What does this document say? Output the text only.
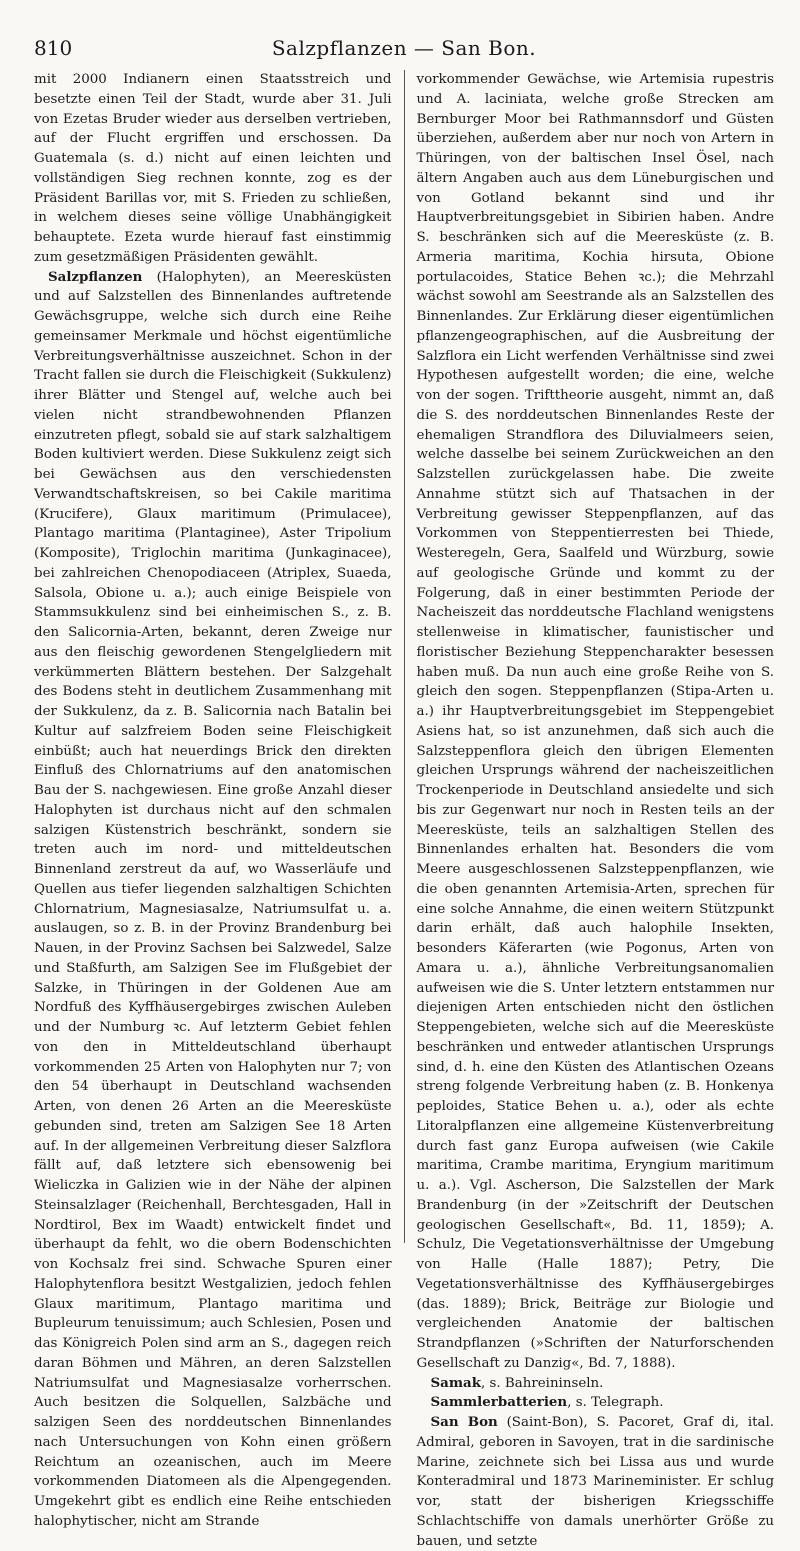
810	Salzpflanzen — San Bon.

mit 2000 Indianern einen Staatsstreich und besetzte einen Teil der Stadt, wurde aber 31. Juli von Ezetas Bruder wieder aus derselben vertrieben, auf der Flucht ergriffen und erschossen. Da Guatemala (s. d.) nicht auf einen leichten und vollständigen Sieg rechnen konnte, zog es der Präsident Barillas vor, mit S. Frieden zu schließen, in welchem dieses seine völlige Unabhängigkeit behauptete. Ezeta wurde hierauf fast einstimmig zum gesetzmäßigen Präsidenten gewählt.

Salzpflanzen (Halophyten), an Meeresküsten und auf Salzstellen des Binnenlandes auftretende Gewächsgruppe, welche sich durch eine Reihe gemeinsamer Merkmale und höchst eigentümliche Verbreitungsverhältnisse auszeichnet. Schon in der Tracht fallen sie durch die Fleischigkeit (Sukkulenz) ihrer Blätter und Stengel auf, welche auch bei vielen nicht strandbewohnenden Pflanzen einzutreten pflegt, sobald sie auf stark salzhaltigem Boden kultiviert werden. Diese Sukkulenz zeigt sich bei Gewächsen aus den verschiedensten Verwandtschaftskreisen, so bei Cakile maritima (Krucifere), Glaux maritimum (Primulacee), Plantago maritima (Plantaginee), Aster Tripolium (Komposite), Triglochin maritima (Junkaginacee), bei zahlreichen Chenopodiaceen (Atriplex, Suaeda, Salsola, Obione u. a.); auch einige Beispiele von Stammsukkulenz sind bei einheimischen S., z. B. den Salicornia-Arten, bekannt, deren Zweige nur aus den fleischig gewordenen Stengelgliedern mit verkümmerten Blättern bestehen. Der Salzgehalt des Bodens steht in deutlichem Zusammenhang mit der Sukkulenz, da z. B. Salicornia nach Batalin bei Kultur auf salzfreiem Boden seine Fleischigkeit einbüßt; auch hat neuerdings Brick den direkten Einfluß des Chlornatriums auf den anatomischen Bau der S. nachgewiesen. Eine große Anzahl dieser Halophyten ist durchaus nicht auf den schmalen salzigen Küstenstrich beschränkt, sondern sie treten auch im nord- und mitteldeutschen Binnenland zerstreut da auf, wo Wasserläufe und Quellen aus tiefer liegenden salzhaltigen Schichten Chlornatrium, Magnesiasalze, Natriumsulfat u. a. auslaugen, so z. B. in der Provinz Brandenburg bei Nauen, in der Provinz Sachsen bei Salzwedel, Salze und Staßfurth, am Salzigen See im Flußgebiet der Salzke, in Thüringen in der Goldenen Aue am Nordfuß des Kyffhäusergebirges zwischen Auleben und der Numburg ꝛc. Auf letzterm Gebiet fehlen von den in Mitteldeutschland überhaupt vorkommenden 25 Arten von Halophyten nur 7; von den 54 überhaupt in Deutschland wachsenden Arten, von denen 26 Arten an die Meeresküste gebunden sind, treten am Salzigen See 18 Arten auf. In der allgemeinen Verbreitung dieser Salzflora fällt auf, daß letztere sich ebensowenig bei Wieliczka in Galizien wie in der Nähe der alpinen Steinsalzlager (Reichenhall, Berchtesgaden, Hall in Nordtirol, Bex im Waadt) entwickelt findet und überhaupt da fehlt, wo die obern Bodenschichten von Kochsalz frei sind. Schwache Spuren einer Halophytenflora besitzt Westgalizien, jedoch fehlen Glaux maritimum, Plantago maritima und Bupleurum tenuissimum; auch Schlesien, Posen und das Königreich Polen sind arm an S., dagegen reich daran Böhmen und Mähren, an deren Salzstellen Natriumsulfat und Magnesiasalze vorherrschen. Auch besitzen die Solquellen, Salzbäche und salzigen Seen des norddeutschen Binnenlandes nach Untersuchungen von Kohn einen größern Reichtum an ozeanischen, auch im Meere vorkommenden Diatomeen als die Alpengegenden. Umgekehrt gibt es endlich eine Reihe entschieden halophytischer, nicht am Strande

vorkommender Gewächse, wie Artemisia rupestris und A. laciniata, welche große Strecken am Bernburger Moor bei Rathmannsdorf und Güsten überziehen, außerdem aber nur noch von Artern in Thüringen, von der baltischen Insel Ösel, nach ältern Angaben auch aus dem Lüneburgischen und von Gotland bekannt sind und ihr Hauptverbreitungsgebiet in Sibirien haben. Andre S. beschränken sich auf die Meeresküste (z. B. Armeria maritima, Kochia hirsuta, Obione portulacoides, Statice Behen ꝛc.); die Mehrzahl wächst sowohl am Seestrande als an Salzstellen des Binnenlandes. Zur Erklärung dieser eigentümlichen pflanzengeographischen, auf die Ausbreitung der Salzflora ein Licht werfenden Verhältnisse sind zwei Hypothesen aufgestellt worden; die eine, welche von der sogen. Trifttheorie ausgeht, nimmt an, daß die S. des norddeutschen Binnenlandes Reste der ehemaligen Strandflora des Diluvialmeers seien, welche dasselbe bei seinem Zurückweichen an den Salzstellen zurückgelassen habe. Die zweite Annahme stützt sich auf Thatsachen in der Verbreitung gewisser Steppenpflanzen, auf das Vorkommen von Steppentierresten bei Thiede, Westeregeln, Gera, Saalfeld und Würzburg, sowie auf geologische Gründe und kommt zu der Folgerung, daß in einer bestimmten Periode der Nacheiszeit das norddeutsche Flachland wenigstens stellenweise in klimatischer, faunistischer und floristischer Beziehung Steppencharakter besessen haben muß. Da nun auch eine große Reihe von S. gleich den sogen. Steppenpflanzen (Stipa-Arten u. a.) ihr Hauptverbreitungsgebiet im Steppengebiet Asiens hat, so ist anzunehmen, daß sich auch die Salzsteppenflora gleich den übrigen Elementen gleichen Ursprungs während der nacheiszeitlichen Trockenperiode in Deutschland ansiedelte und sich bis zur Gegenwart nur noch in Resten teils an der Meeresküste, teils an salzhaltigen Stellen des Binnenlandes erhalten hat. Besonders die vom Meere ausgeschlossenen Salzsteppenpflanzen, wie die oben genannten Artemisia-Arten, sprechen für eine solche Annahme, die einen weitern Stützpunkt darin erhält, daß auch halophile Insekten, besonders Käferarten (wie Pogonus, Arten von Amara u. a.), ähnliche Verbreitungsanomalien aufweisen wie die S. Unter letztern entstammen nur diejenigen Arten entschieden nicht den östlichen Steppengebieten, welche sich auf die Meeresküste beschränken und entweder atlantischen Ursprungs sind, d. h. eine den Küsten des Atlantischen Ozeans streng folgende Verbreitung haben (z. B. Honkenya peploides, Statice Behen u. a.), oder als echte Litoralpflanzen eine allgemeine Küstenverbreitung durch fast ganz Europa aufweisen (wie Cakile maritima, Crambe maritima, Eryngium maritimum u. a.). Vgl. Ascherson, Die Salzstellen der Mark Brandenburg (in der »Zeitschrift der Deutschen geologischen Gesellschaft«, Bd. 11, 1859); A. Schulz, Die Vegetationsverhältnisse der Umgebung von Halle (Halle 1887); Petry, Die Vegetationsverhältnisse des Kyffhäusergebirges (das. 1889); Brick, Beiträge zur Biologie und vergleichenden Anatomie der baltischen Strandpflanzen (»Schriften der Naturforschenden Gesellschaft zu Danzig«, Bd. 7, 1888).

Samak, s. Bahreininseln.

Sammlerbatterien, s. Telegraph.

San Bon (Saint-Bon), S. Pacoret, Graf di, ital. Admiral, geboren in Savoyen, trat in die sardinische Marine, zeichnete sich bei Lissa aus und wurde Konteradmiral und 1873 Marineminister. Er schlug vor, statt der bisherigen Kriegsschiffe Schlachtschiffe von damals unerhörter Größe zu bauen, und setzte
